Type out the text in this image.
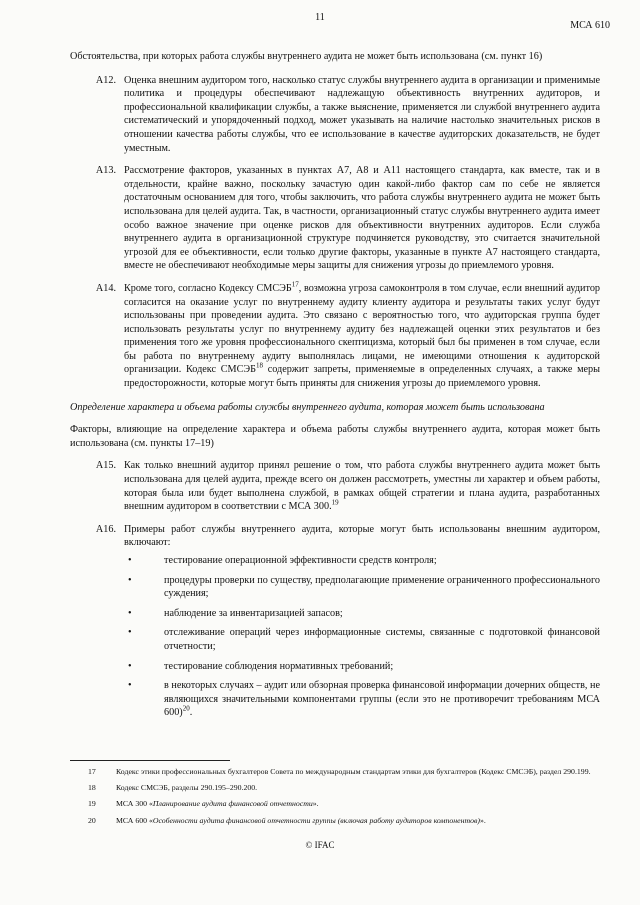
11
МСА 610

Обстоятельства, при которых работа службы внутреннего аудита не может быть использована (см. пункт 16)

A12. Оценка внешним аудитором того, насколько статус службы внутреннего аудита в организации и применимые политика и процедуры обеспечивают надлежащую объективность внутренних аудиторов, и профессиональной квалификации службы, а также выяснение, применяется ли службой внутреннего аудита систематический и упорядоченный подход, может указывать на наличие настолько значительных рисков в отношении качества работы службы, что ее использование в качестве аудиторских доказательств, не будет уместным.
A13. Рассмотрение факторов, указанных в пунктах A7, A8 и A11 настоящего стандарта, как вместе, так и в отдельности, крайне важно, поскольку зачастую один какой-либо фактор сам по себе не является достаточным основанием для того, чтобы заключить, что работа службы внутреннего аудита не может быть использована для целей аудита. Так, в частности, организационный статус службы внутреннего аудита имеет особо важное значение при оценке рисков для объективности внутренних аудиторов. Если служба внутреннего аудита в организационной структуре подчиняется руководству, это считается значительной угрозой для ее объективности, если только другие факторы, указанные в пункте A7 настоящего стандарта, вместе не обеспечивают необходимые меры защиты для снижения угрозы до приемлемого уровня.
A14. Кроме того, согласно Кодексу СМСЭБ$^{17}$, возможна угроза самоконтроля в том случае, если внешний аудитор согласится на оказание услуг по внутреннему аудиту клиенту аудитора и результаты таких услуг будут использованы при проведении аудита. Это связано с вероятностью того, что аудиторская группа будет использовать результаты услуг по внутреннему аудиту без надлежащей оценки этих результатов и без применения того же уровня профессионального скептицизма, который был бы применен в том случае, если бы работа по внутреннему аудиту выполнялась лицами, не имеющими отношения к аудиторской организации. Кодекс СМСЭБ$^{18}$ содержит запреты, применяемые в определенных случаях, а также меры предосторожности, которые могут быть приняты для снижения угрозы до приемлемого уровня.

Определение характера и объема работы службы внутреннего аудита, которая может быть использована

Факторы, влияющие на определение характера и объема работы службы внутреннего аудита, которая может быть использована (см. пункты 17–19)

A15. Как только внешний аудитор принял решение о том, что работа службы внутреннего аудита может быть использована для целей аудита, прежде всего он должен рассмотреть, уместны ли характер и объем работы, которая была или будет выполнена службой, в рамках общей стратегии и плана аудита, разработанных внешним аудитором в соответствии с МСА 300.19
A16. Примеры работ службы внутреннего аудита, которые могут быть использованы внешним аудитором, включают:
•	тестирование операционной эффективности средств контроля;
•	процедуры проверки по существу, предполагающие применение ограниченного профессионального суждения;
•	наблюдение за инвентаризацией запасов;
•	отслеживание операций через информационные системы, связанные с подготовкой финансовой отчетности;
•	тестирование соблюдения нормативных требований;
•	в некоторых случаях – аудит или обзорная проверка финансовой информации дочерних обществ, не являющихся значительными компонентами группы (если это не противоречит требованиям МСА 600)$^{20}$.
17	Кодекс этики профессиональных бухгалтеров Совета по международным стандартам этики для бухгалтеров (Кодекс СМСЭБ), раздел 290.199.
18	Кодекс СМСЭБ, разделы 290.195–290.200.
19	МСА 300 «Планирование аудита финансовой отчетности».
20	МСА 600 «Особенности аудита финансовой отчетности группы (включая работу аудиторов компонентов)».
© IFAC
